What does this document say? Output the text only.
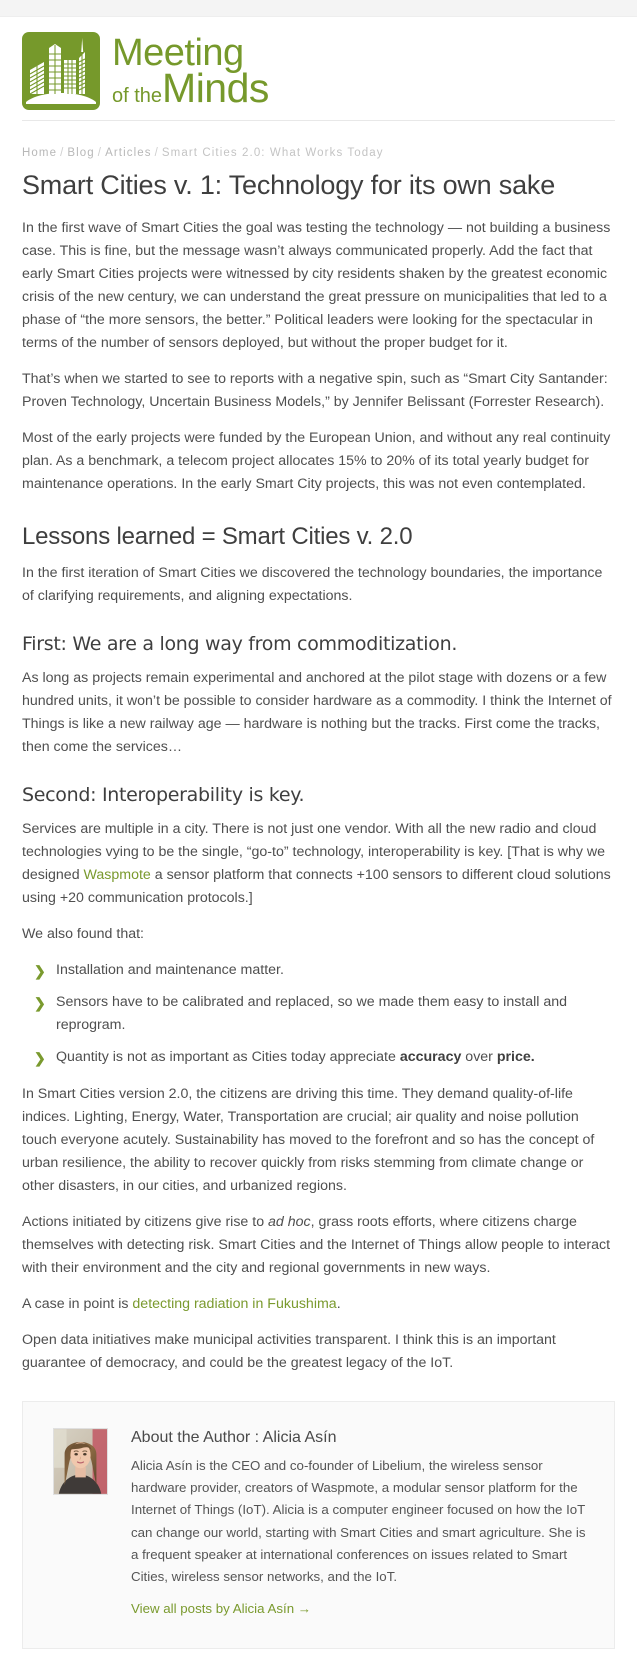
Meeting
of theMinds
Home / Blog / Articles / Smart Cities 2.0: What Works Today
Smart Cities v. 1: Technology for its own sake

In the first wave of Smart Cities the goal was testing the technology — not building a business case. This is fine, but the message wasn’t always communicated properly. Add the fact that early Smart Cities projects were witnessed by city residents shaken by the greatest economic crisis of the new century, we can understand the great pressure on municipalities that led to a phase of “the more sensors, the better.” Political leaders were looking for the spectacular in terms of the number of sensors deployed, but without the proper budget for it.

That’s when we started to see to reports with a negative spin, such as “Smart City Santander: Proven Technology, Uncertain Business Models,” by Jennifer Belissant (Forrester Research).

Most of the early projects were funded by the European Union, and without any real continuity plan. As a benchmark, a telecom project allocates 15% to 20% of its total yearly budget for maintenance operations. In the early Smart City projects, this was not even contemplated.

Lessons learned = Smart Cities v. 2.0

In the first iteration of Smart Cities we discovered the technology boundaries, the importance of clarifying requirements, and aligning expectations.

First: We are a long way from commoditization.

As long as projects remain experimental and anchored at the pilot stage with dozens or a few hundred units, it won’t be possible to consider hardware as a commodity. I think the Internet of Things is like a new railway age — hardware is nothing but the tracks. First come the tracks, then come the services…

Second: Interoperability is key.

Services are multiple in a city. There is not just one vendor. With all the new radio and cloud technologies vying to be the single, “go-to” technology, interoperability is key. [That is why we designed Waspmote a sensor platform that connects +100 sensors to different cloud solutions using +20 communication protocols.]

We also found that:

❯ Installation and maintenance matter.
❯ Sensors have to be calibrated and replaced, so we made them easy to install and reprogram.
❯ Quantity is not as important as Cities today appreciate accuracy over price.

In Smart Cities version 2.0, the citizens are driving this time. They demand quality-of-life indices. Lighting, Energy, Water, Transportation are crucial; air quality and noise pollution touch everyone acutely. Sustainability has moved to the forefront and so has the concept of urban resilience, the ability to recover quickly from risks stemming from climate change or other disasters, in our cities, and urbanized regions.

Actions initiated by citizens give rise to ad hoc, grass roots efforts, where citizens charge themselves with detecting risk. Smart Cities and the Internet of Things allow people to interact with their environment and the city and regional governments in new ways.

A case in point is detecting radiation in Fukushima.

Open data initiatives make municipal activities transparent. I think this is an important guarantee of democracy, and could be the greatest legacy of the IoT.

About the Author : Alicia Asín

Alicia Asín is the CEO and co-founder of Libelium, the wireless sensor hardware provider, creators of Waspmote, a modular sensor platform for the Internet of Things (IoT). Alicia is a computer engineer focused on how the IoT can change our world, starting with Smart Cities and smart agriculture. She is a frequent speaker at international conferences on issues related to Smart Cities, wireless sensor networks, and the IoT.

View all posts by Alicia Asín →
